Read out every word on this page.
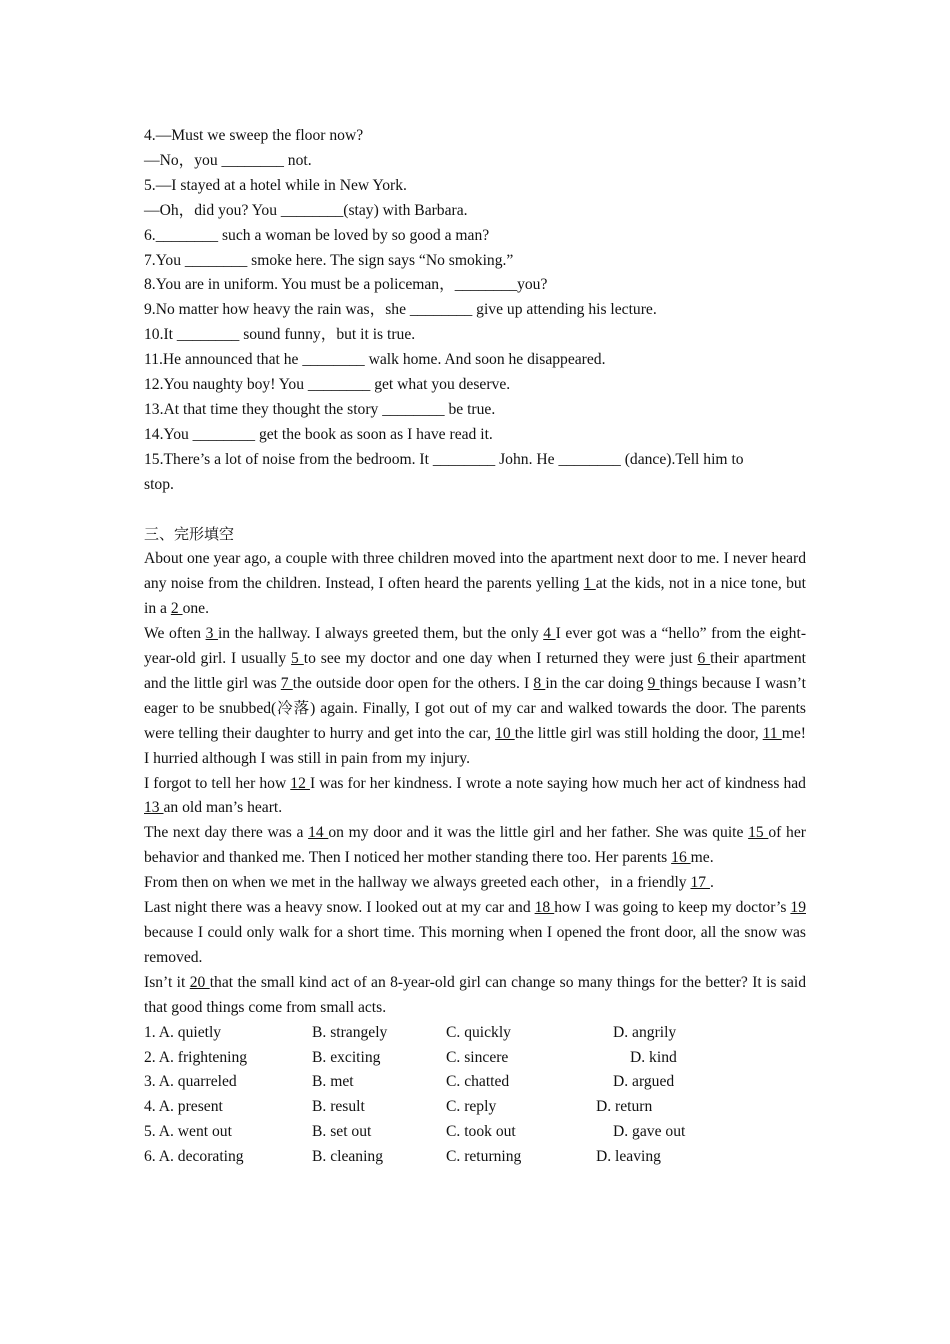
4.—Must we sweep the floor now?
—No，you ________ not.
5.—I stayed at a hotel while in New York.
—Oh，did you? You ________(stay) with Barbara.
6.________ such a woman be loved by so good a man?
7.You ________ smoke here. The sign says “No smoking.”
8.You are in uniform. You must be a policeman，________you?
9.No matter how heavy the rain was，she ________ give up attending his lecture.
10.It ________ sound funny，but it is true.
11.He announced that he ________ walk home. And soon he disappeared.
12.You naughty boy! You ________ get what you deserve.
13.At that time they thought the story ________ be true.
14.You ________ get the book as soon as I have read it.
15.There’s a lot of noise from the bedroom. It ________ John. He ________ (dance).Tell him to
stop.
三、完形填空
About one year ago, a couple with three children moved into the apartment next door to me. I never heard any noise from the children. Instead, I often heard the parents yelling 1 at the kids, not in a nice tone, but in a 2 one.
We often 3 in the hallway. I always greeted them, but the only 4 I ever got was a “hello” from the eight-year-old girl. I usually 5 to see my doctor and one day when I returned they were just 6 their apartment and the little girl was 7 the outside door open for the others. I 8 in the car doing 9 things because I wasn’t eager to be snubbed(冷落) again. Finally, I got out of my car and walked towards the door. The parents were telling their daughter to hurry and get into the car, 10 the little girl was still holding the door, 11 me! I hurried although I was still in pain from my injury.
I forgot to tell her how 12 I was for her kindness. I wrote a note saying how much her act of kindness had 13 an old man’s heart.
The next day there was a 14 on my door and it was the little girl and her father. She was quite 15 of her behavior and thanked me. Then I noticed her mother standing there too. Her parents 16 me.
From then on when we met in the hallway we always greeted each other，in a friendly 17 .
Last night there was a heavy snow. I looked out at my car and 18 how I was going to keep my doctor’s 19 because I could only walk for a short time. This morning when I opened the front door, all the snow was removed.
Isn’t it 20 that the small kind act of an 8-year-old girl can change so many things for the better? It is said that good things come from small acts.
1. A. quietly	B. strangely	C. quickly	D. angrily
2. A. frightening	B. exciting	C. sincere	D. kind
3. A. quarreled	B. met	C. chatted	D. argued
4. A. present	B. result	C. reply	D. return
5. A. went out	B. set out	C. took out	D. gave out
6. A. decorating	B. cleaning	C. returning	D. leaving
